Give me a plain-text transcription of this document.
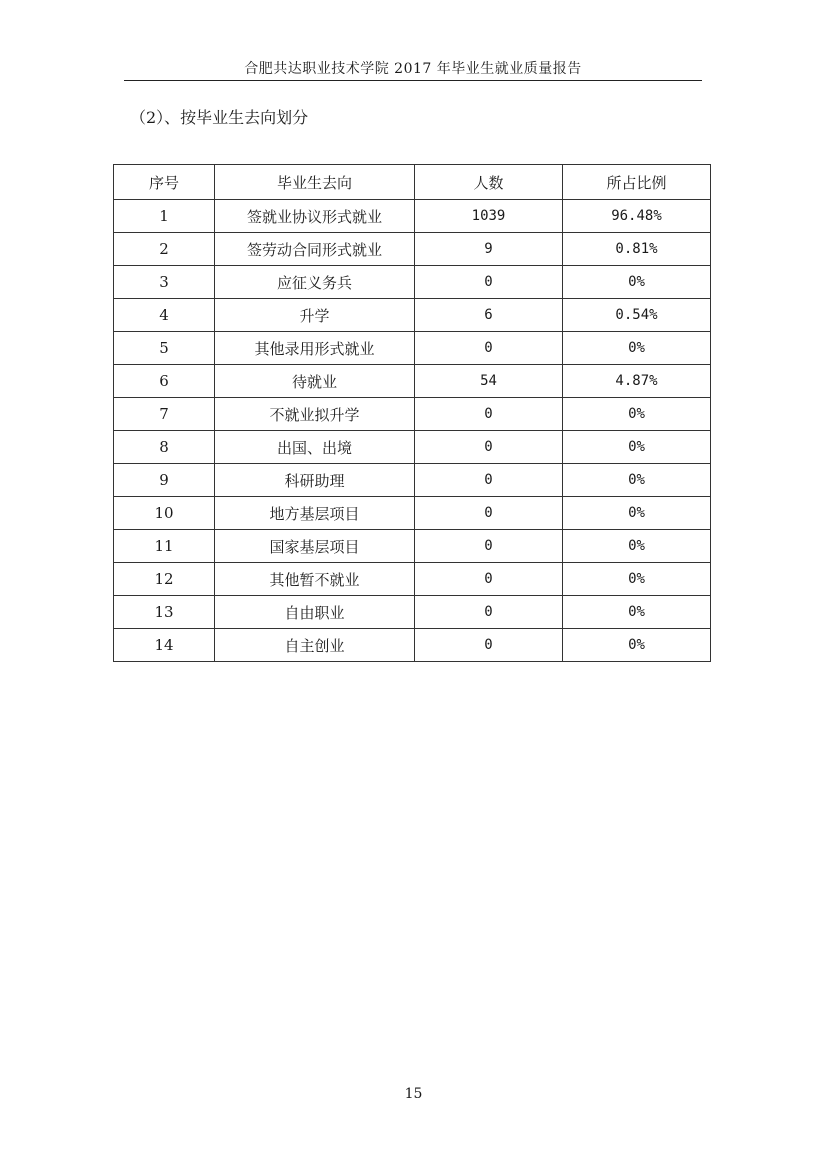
合肥共达职业技术学院 2017 年毕业生就业质量报告
（2）、按毕业生去向划分
序号	毕业生去向	人数	所占比例
1	签就业协议形式就业	1039	96.48%
2	签劳动合同形式就业	9	0.81%
3	应征义务兵	0	0%
4	升学	6	0.54%
5	其他录用形式就业	0	0%
6	待就业	54	4.87%
7	不就业拟升学	0	0%
8	出国、出境	0	0%
9	科研助理	0	0%
10	地方基层项目	0	0%
11	国家基层项目	0	0%
12	其他暂不就业	0	0%
13	自由职业	0	0%
14	自主创业	0	0%
15
